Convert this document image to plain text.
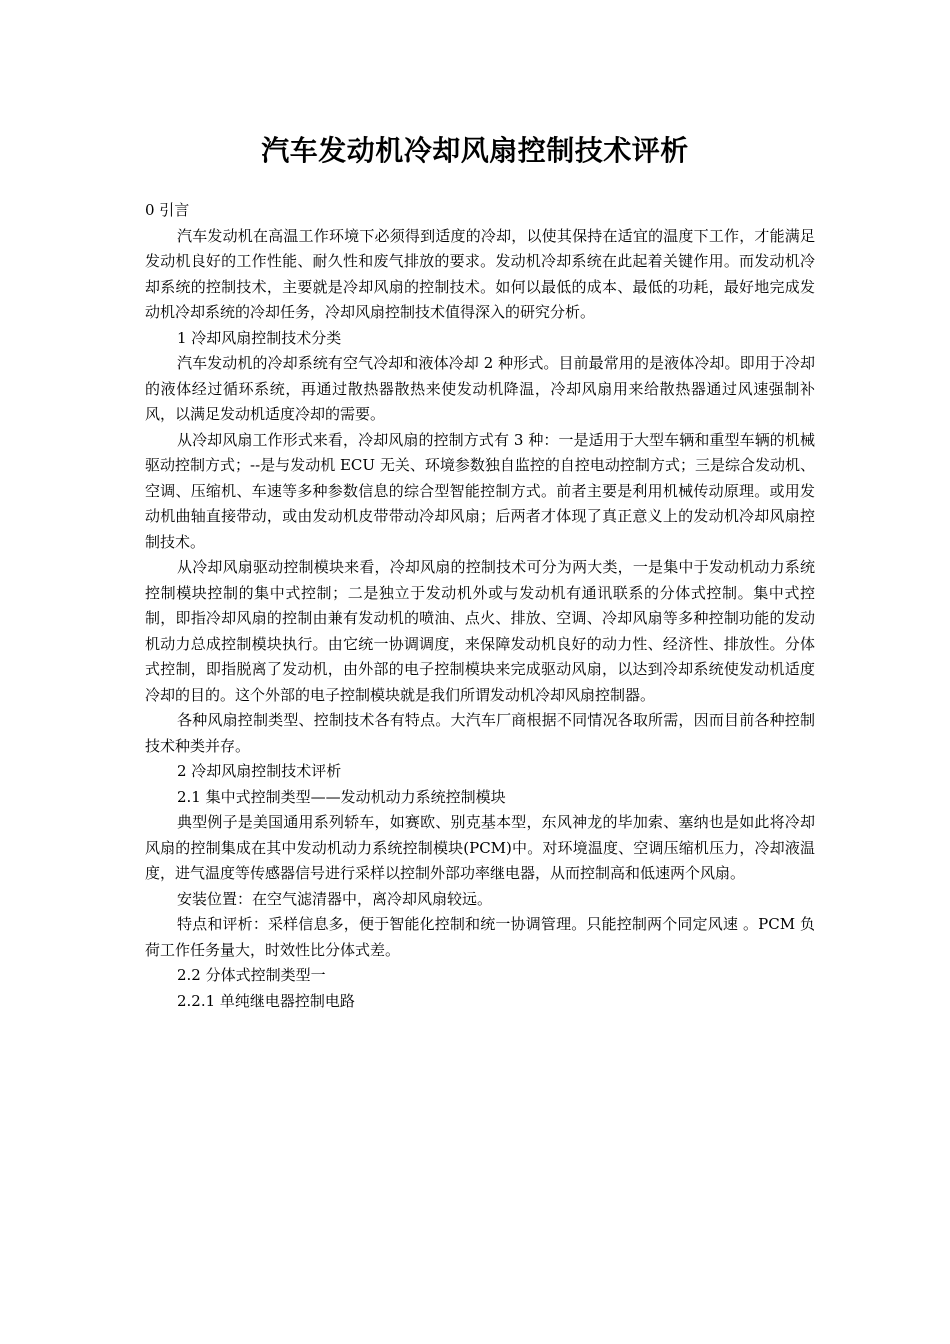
汽车发动机冷却风扇控制技术评析

0 引言

汽车发动机在高温工作环境下必须得到适度的冷却，以使其保持在适宜的温度下工作，才能满足发动机良好的工作性能、耐久性和废气排放的要求。发动机冷却系统在此起着关键作用。而发动机冷却系统的控制技术，主要就是冷却风扇的控制技术。如何以最低的成本、最低的功耗，最好地完成发动机冷却系统的冷却任务，冷却风扇控制技术值得深入的研究分析。

1 冷却风扇控制技术分类

汽车发动机的冷却系统有空气冷却和液体冷却 2 种形式。目前最常用的是液体冷却。即用于冷却的液体经过循环系统，再通过散热器散热来使发动机降温，冷却风扇用来给散热器通过风速强制补风，以满足发动机适度冷却的需要。

从冷却风扇工作形式来看，冷却风扇的控制方式有 3 种：一是适用于大型车辆和重型车辆的机械驱动控制方式；--是与发动机 ECU 无关、环境参数独自监控的自控电动控制方式；三是综合发动机、空调、压缩机、车速等多种参数信息的综合型智能控制方式。前者主要是利用机械传动原理。或用发动机曲轴直接带动，或由发动机皮带带动冷却风扇；后两者才体现了真正意义上的发动机冷却风扇控制技术。

从冷却风扇驱动控制模块来看，冷却风扇的控制技术可分为两大类，一是集中于发动机动力系统控制模块控制的集中式控制；二是独立于发动机外或与发动机有通讯联系的分体式控制。集中式控制，即指冷却风扇的控制由兼有发动机的喷油、点火、排放、空调、冷却风扇等多种控制功能的发动机动力总成控制模块执行。由它统一协调调度，来保障发动机良好的动力性、经济性、排放性。分体式控制，即指脱离了发动机，由外部的电子控制模块来完成驱动风扇，以达到冷却系统使发动机适度冷却的目的。这个外部的电子控制模块就是我们所谓发动机冷却风扇控制器。

各种风扇控制类型、控制技术各有特点。大汽车厂商根据不同情况各取所需，因而目前各种控制技术种类并存。

2 冷却风扇控制技术评析

2.1 集中式控制类型——发动机动力系统控制模块

典型例子是美国通用系列轿车，如赛欧、别克基本型，东风神龙的毕加索、塞纳也是如此将冷却风扇的控制集成在其中发动机动力系统控制模块(PCM)中。对环境温度、空调压缩机压力，冷却液温度，进气温度等传感器信号进行采样以控制外部功率继电器，从而控制高和低速两个风扇。

安装位置：在空气滤清器中，离冷却风扇较远。

特点和评析：采样信息多，便于智能化控制和统一协调管理。只能控制两个同定风速 。PCM 负荷工作任务量大，时效性比分体式差。

2.2 分体式控制类型一

2.2.1 单纯继电器控制电路
